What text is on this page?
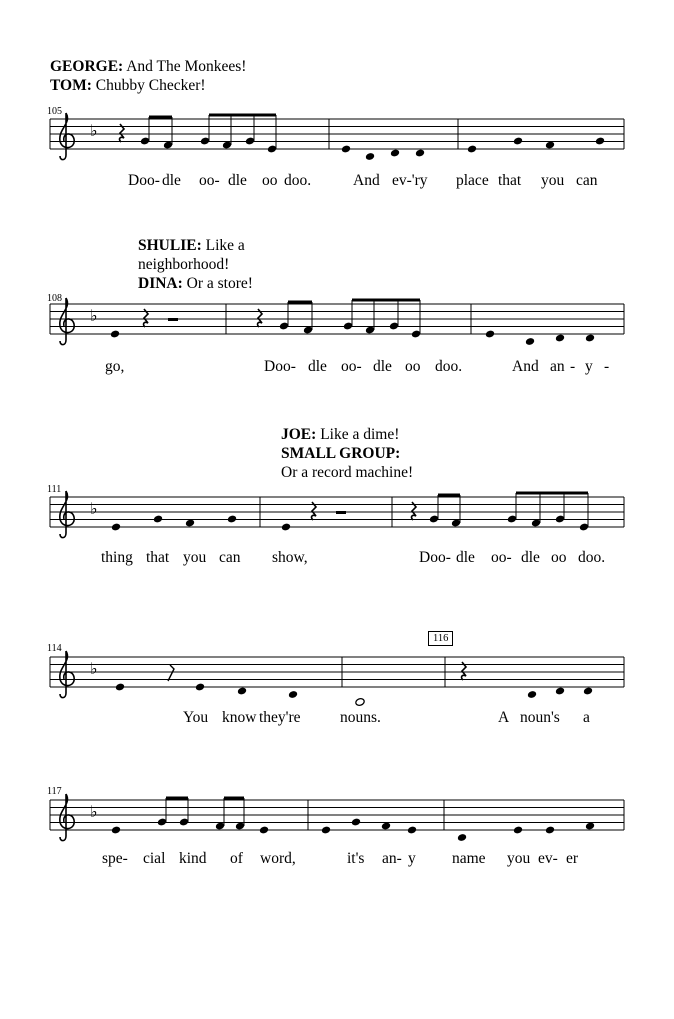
GEORGE: And The Monkees!
TOM: Chubby Checker!
SHULIE: Like a
neighborhood!
DINA: Or a store!
JOE: Like a dime!
SMALL GROUP:
Or a record machine!
105
108
111
114
117
116
♭
Doo- dle oo- dle oo doo.	And ev-'ry place that you can
go,	Doo- dle oo- dle oo doo.	And an - y -
thing that you can show,	Doo- dle oo- dle oo doo.
You know they're	nouns.	A noun's a
spe- cial kind of word,	it's an- y name you ev- er
